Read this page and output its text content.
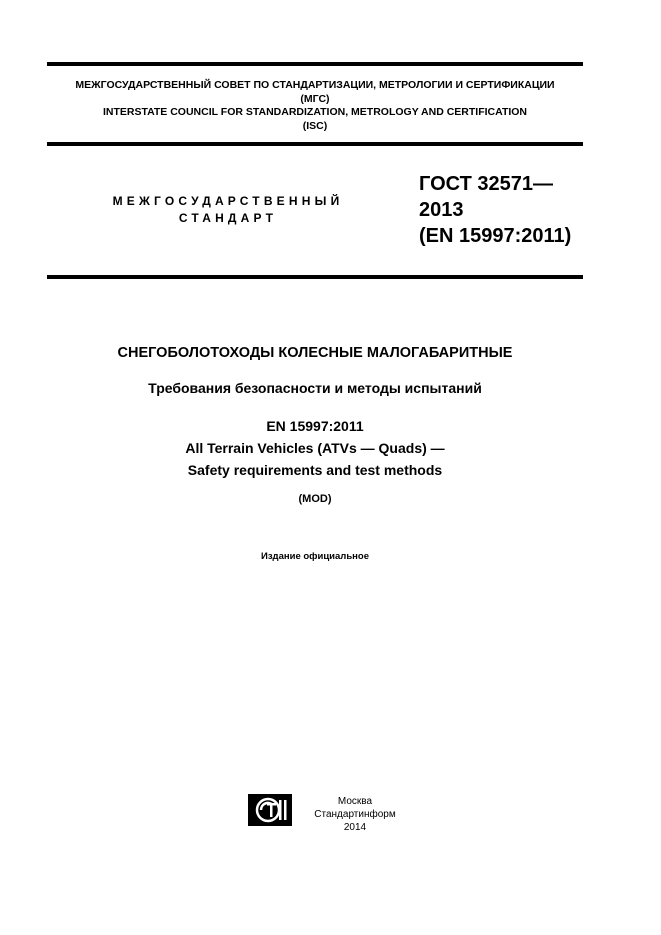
МЕЖГОСУДАРСТВЕННЫЙ СОВЕТ ПО СТАНДАРТИЗАЦИИ, МЕТРОЛОГИИ И СЕРТИФИКАЦИИ
(МГС)
INTERSTATE COUNCIL FOR STANDARDIZATION, METROLOGY AND CERTIFICATION
(ISC)
МЕЖГОСУДАРСТВЕННЫЙ
СТАНДАРТ
ГОСТ 32571—
2013
(EN 15997:2011)
СНЕГОБОЛОТОХОДЫ КОЛЕСНЫЕ МАЛОГАБАРИТНЫЕ
Требования безопасности и методы испытаний
EN 15997:2011
All Terrain Vehicles (ATVs — Quads) —
Safety requirements and test methods
(MOD)
Издание официальное
Москва
Стандартинформ
2014
